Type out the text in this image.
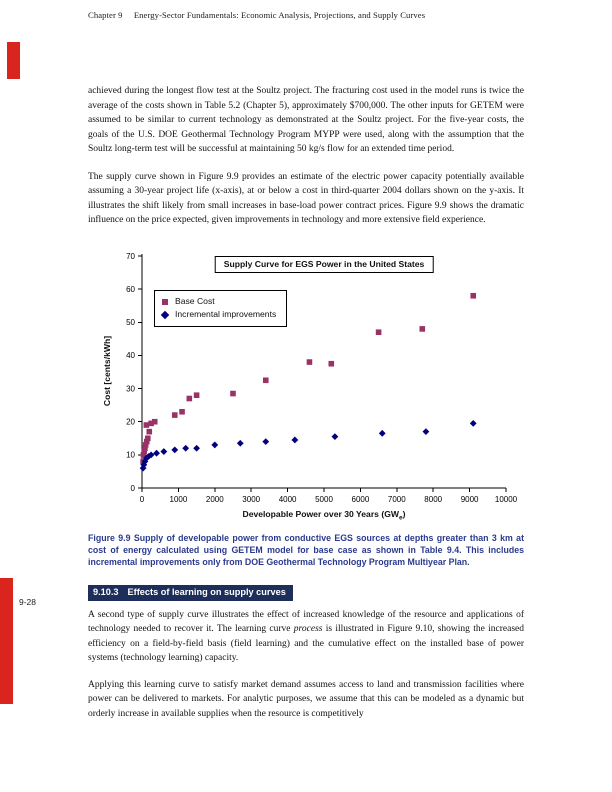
Chapter 9 Energy-Sector Fundamentals: Economic Analysis, Projections, and Supply Curves
9-28

achieved during the longest flow test at the Soultz project. The fracturing cost used in the model runs is twice the average of the costs shown in Table 5.2 (Chapter 5), approximately $700,000. The other inputs for GETEM were assumed to be similar to current technology as demonstrated at the Soultz project. For the five-year costs, the goals of the U.S. DOE Geothermal Technology Program MYPP were used, along with the assumption that the Soultz long-term test will be successful at maintaining 50 kg/s flow for an extended time period.

The supply curve shown in Figure 9.9 provides an estimate of the electric power capacity potentially available assuming a 30-year project life (x-axis), at or below a cost in third-quarter 2004 dollars shown on the y-axis. It illustrates the shift likely from small increases in base-load power contract prices. Figure 9.9 shows the dramatic influence on the price expected, given improvements in technology and more extensive field experience.

0	1000 2000 3000 4000 5000 6000 7000 8000 9000 10000
0
10
20
30
40
50
60
70
Supply Curve for EGS Power in the United States
Base Cost
Incremental improvements
Cost [cents/kWh]
Developable Power over 30 Years $(GW_e)$
Figure 9.9 Supply of developable power from conductive EGS sources at depths greater than 3 km at cost of energy calculated using GETEM model for base case as shown in Table 9.4. This includes incremental improvements only from DOE Geothermal Technology Program Multiyear Plan.
9.10.3 Effects of learning on supply curves

A second type of supply curve illustrates the effect of increased knowledge of the resource and applications of technology needed to recover it. The learning curve process is illustrated in Figure 9.10, showing the increased efficiency on a field-by-field basis (field learning) and the cumulative effect on the installed base of power systems (technology learning) capacity.

Applying this learning curve to satisfy market demand assumes access to land and transmission facilities where power can be delivered to markets. For analytic purposes, we assume that this can be modeled as a dynamic but orderly increase in available supplies when the resource is competitively
